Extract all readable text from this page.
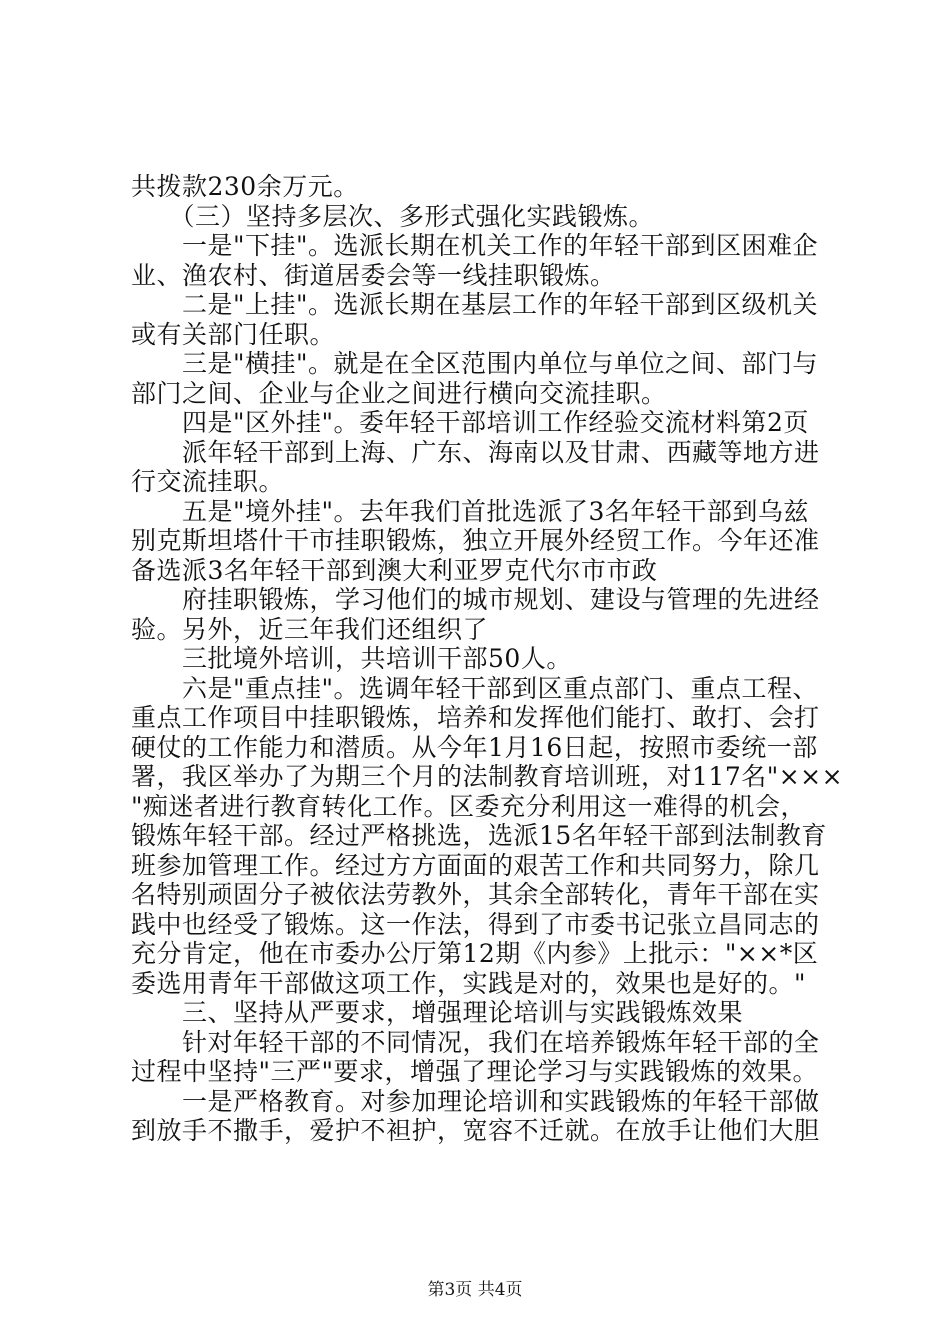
共拨款230余万元。
　　（三）坚持多层次、多形式强化实践锻炼。
　　一是"下挂"。选派长期在机关工作的年轻干部到区困难企
业、渔农村、街道居委会等一线挂职锻炼。
　　二是"上挂"。选派长期在基层工作的年轻干部到区级机关
或有关部门任职。
　　三是"横挂"。就是在全区范围内单位与单位之间、部门与
部门之间、企业与企业之间进行横向交流挂职。
　　四是"区外挂"。委年轻干部培训工作经验交流材料第2页
　　派年轻干部到上海、广东、海南以及甘肃、西藏等地方进
行交流挂职。
　　五是"境外挂"。去年我们首批选派了3名年轻干部到乌兹
别克斯坦塔什干市挂职锻炼，独立开展外经贸工作。今年还准
备选派3名年轻干部到澳大利亚罗克代尔市市政
　　府挂职锻炼，学习他们的城市规划、建设与管理的先进经
验。另外，近三年我们还组织了
　　三批境外培训，共培训干部50人。
　　六是"重点挂"。选调年轻干部到区重点部门、重点工程、
重点工作项目中挂职锻炼，培养和发挥他们能打、敢打、会打
硬仗的工作能力和潜质。从今年1月16日起，按照市委统一部
署，我区举办了为期三个月的法制教育培训班，对117名"×××
"痴迷者进行教育转化工作。区委充分利用这一难得的机会，
锻炼年轻干部。经过严格挑选，选派15名年轻干部到法制教育
班参加管理工作。经过方方面面的艰苦工作和共同努力，除几
名特别顽固分子被依法劳教外，其余全部转化，青年干部在实
践中也经受了锻炼。这一作法，得到了市委书记张立昌同志的
充分肯定，他在市委办公厅第12期《内参》上批示："××*区
委选用青年干部做这项工作，实践是对的，效果也是好的。"
　　三、坚持从严要求，增强理论培训与实践锻炼效果
　　针对年轻干部的不同情况，我们在培养锻炼年轻干部的全
过程中坚持"三严"要求，增强了理论学习与实践锻炼的效果。
　　一是严格教育。对参加理论培训和实践锻炼的年轻干部做
到放手不撒手，爱护不袒护，宽容不迁就。在放手让他们大胆
第3页 共4页
